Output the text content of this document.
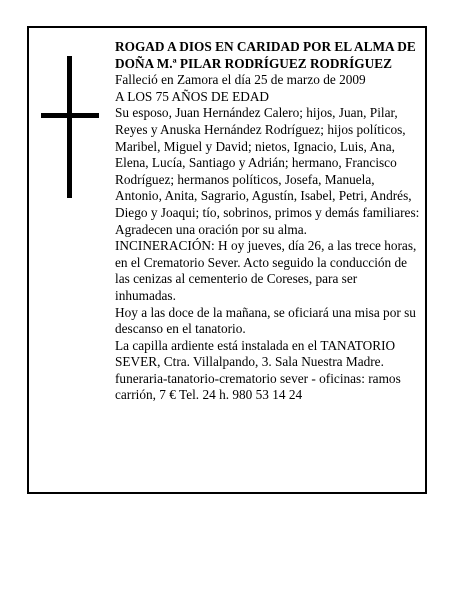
ROGAD A DIOS EN CARIDAD POR EL ALMA DE DOÑA M.ª PILAR RODRÍGUEZ RODRÍGUEZ

Falleció en Zamora el día 25 de marzo de 2009

A LOS 75 AÑOS DE EDAD

Su esposo, Juan Hernández Calero; hijos, Juan, Pilar, Reyes y Anuska Hernández Rodríguez; hijos políticos, Maribel, Miguel y David; nietos, Ignacio, Luis, Ana, Elena, Lucía, Santiago y Adrián; hermano, Francisco Rodríguez; hermanos políticos, Josefa, Manuela, Antonio, Anita, Sagrario, Agustín, Isabel, Petri, Andrés, Diego y Joaqui; tío, sobrinos, primos y demás familiares:

Agradecen una oración por su alma.

INCINERACIÓN: H oy jueves, día 26, a las trece horas, en el Crematorio Sever. Acto seguido la conducción de las cenizas al cementerio de Coreses, para ser inhumadas.

Hoy a las doce de la mañana, se oficiará una misa por su descanso en el tanatorio.

La capilla ardiente está instalada en el TANATORIO SEVER, Ctra. Villalpando, 3. Sala Nuestra Madre.

funeraria-tanatorio-crematorio sever - oficinas: ramos carrión, 7 € Tel. 24 h. 980 53 14 24
